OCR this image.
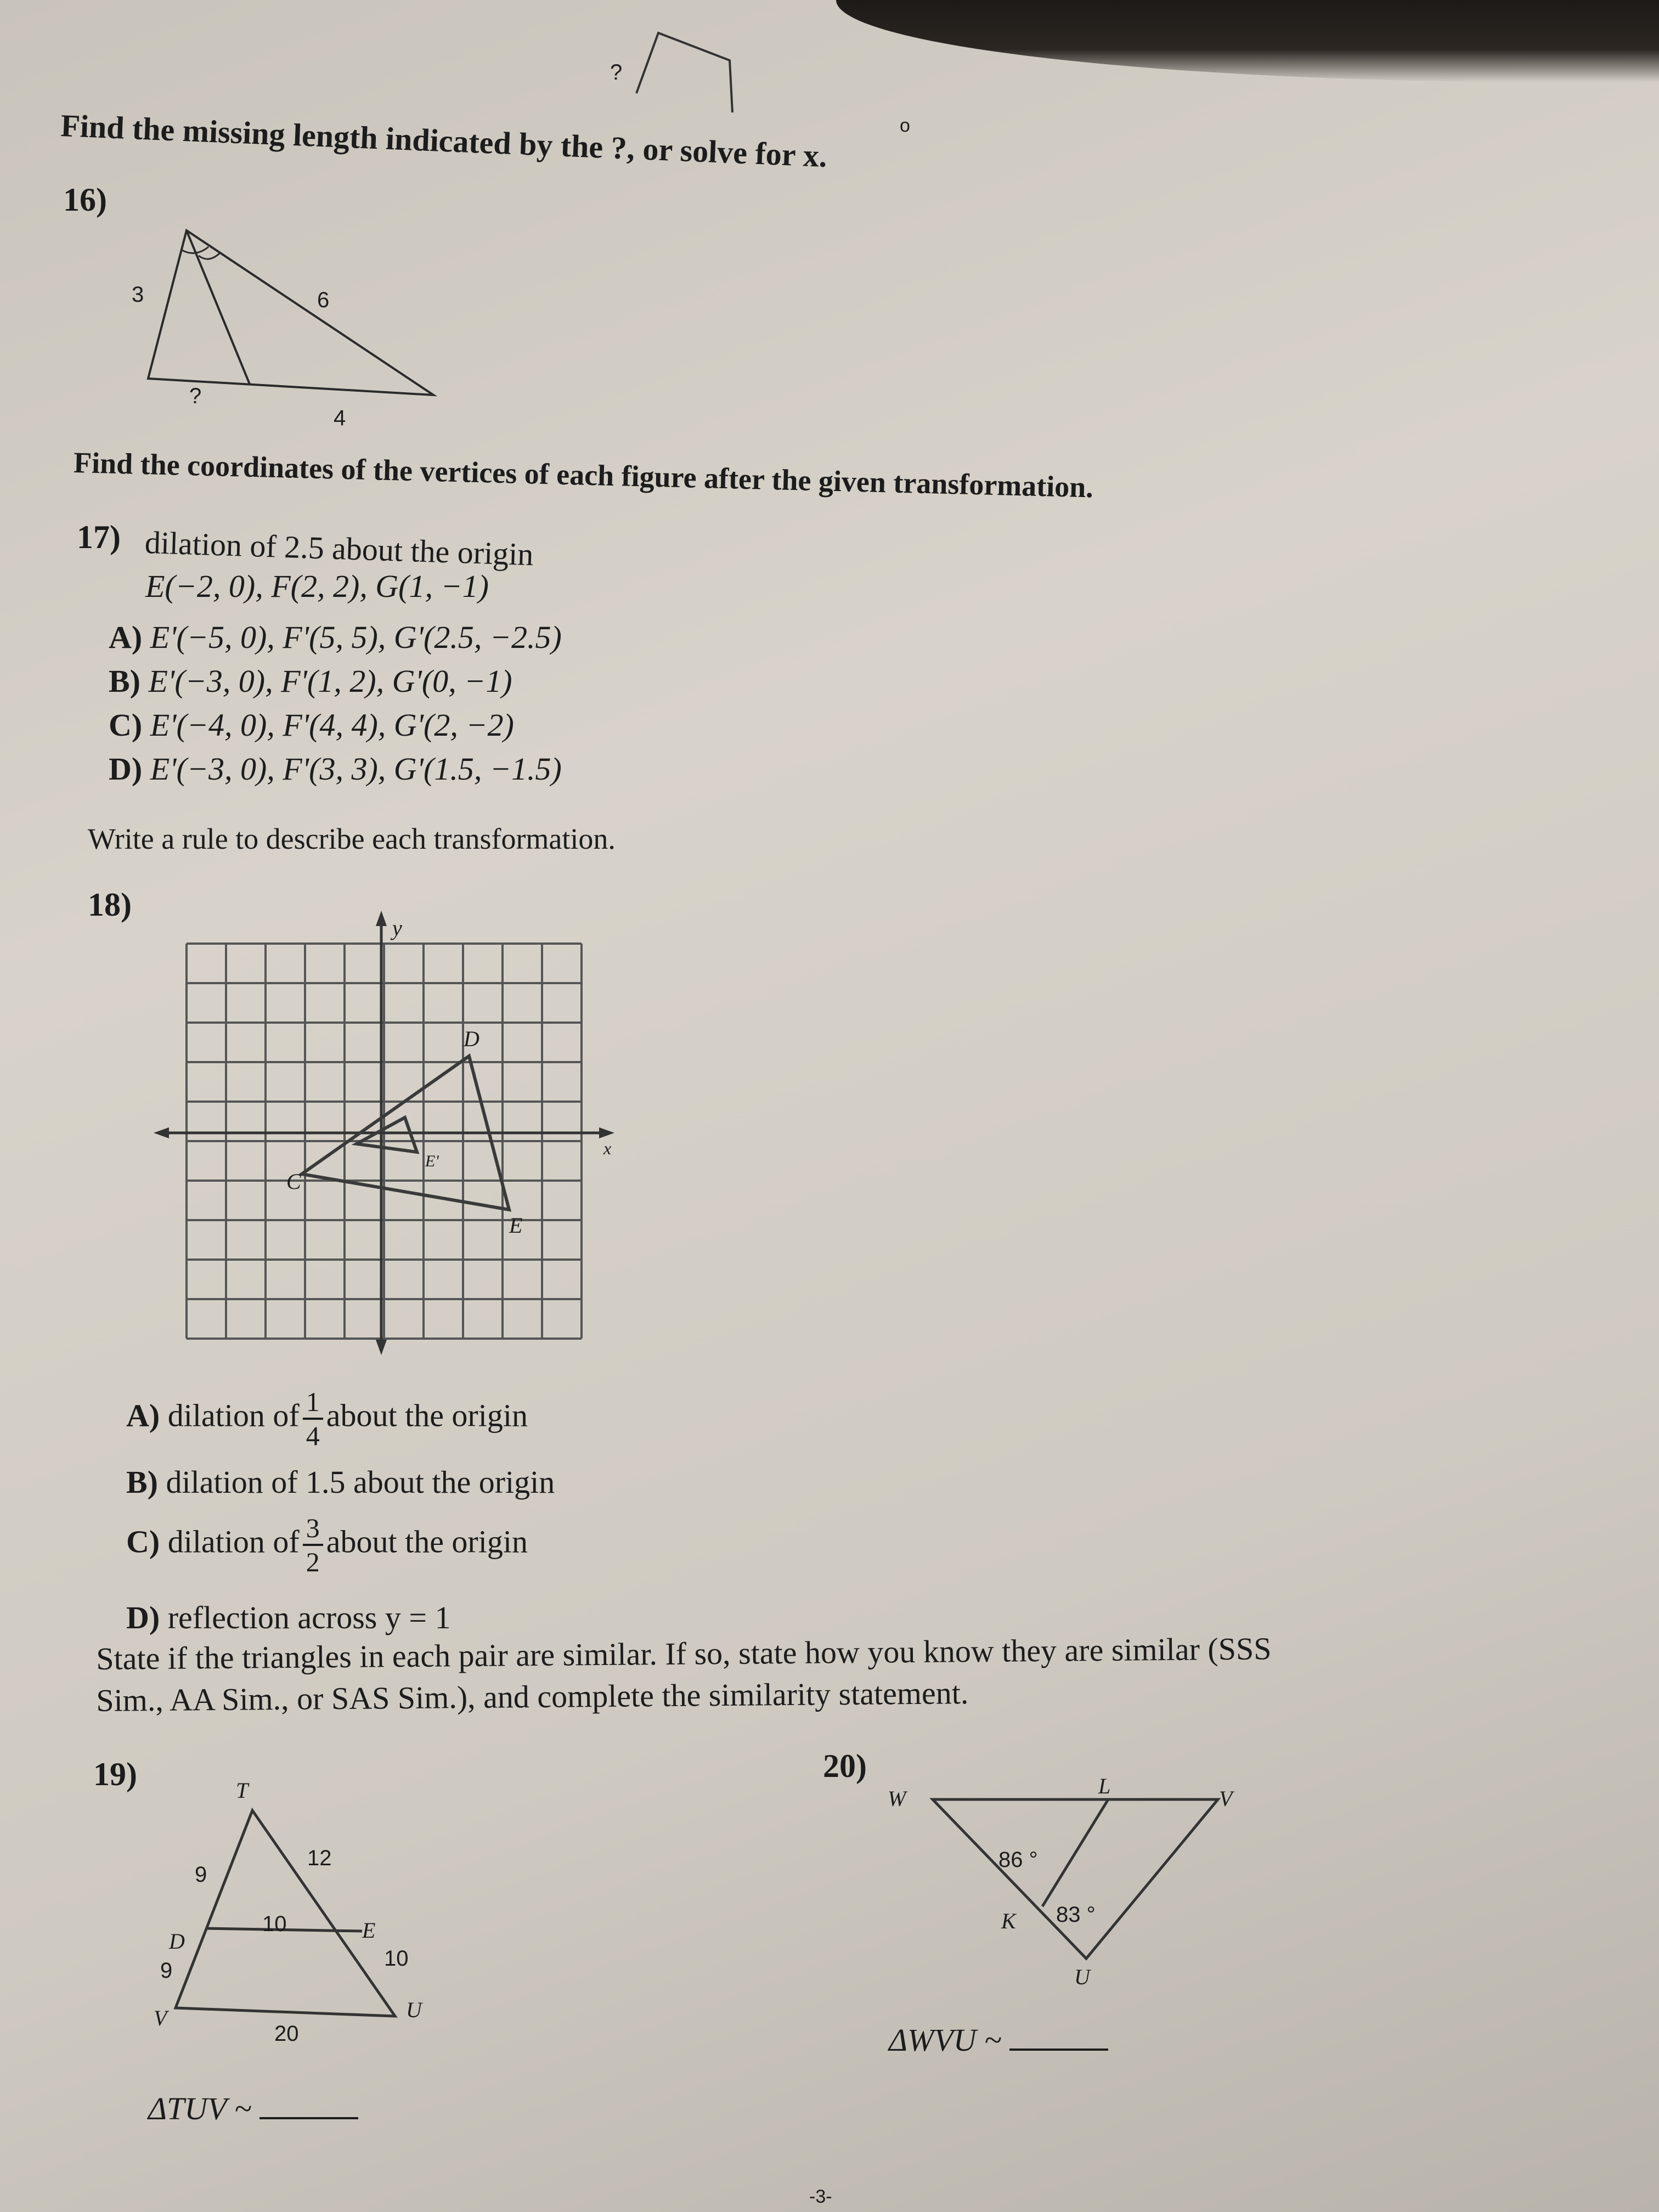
?
o
Find the missing length indicated by the ?, or solve for x.
16)
3	6
?
4
Find the coordinates of the vertices of each figure after the given transformation.
17) dilation of 2.5 about the origin
E(−2, 0), F(2, 2), G(1, −1)
A) E'(−5, 0), F'(5, 5), G'(2.5, −2.5)
B) E'(−3, 0), F'(1, 2), G'(0, −1)
C) E'(−4, 0), F'(4, 4), G'(2, −2)
D) E'(−3, 0), F'(3, 3), G'(1.5, −1.5)
Write a rule to describe each transformation.
18)
y
x
D
C
E
E'
A) dilation of $\frac{1}{4}$ about the origin
B) dilation of 1.5 about the origin
C) dilation of $\frac{3}{2}$ about the origin
D) reflection across y = 1
State if the triangles in each pair are similar. If so, state how you know they are similar (SSS
Sim., AA Sim., or SAS Sim.), and complete the similarity statement.
19)	T
9
12
10
D	E
10
9
V	U
20
ΔTUV ~
20)
W
L
V
86 °
K 83 °
U
ΔWVU ~
-3-
